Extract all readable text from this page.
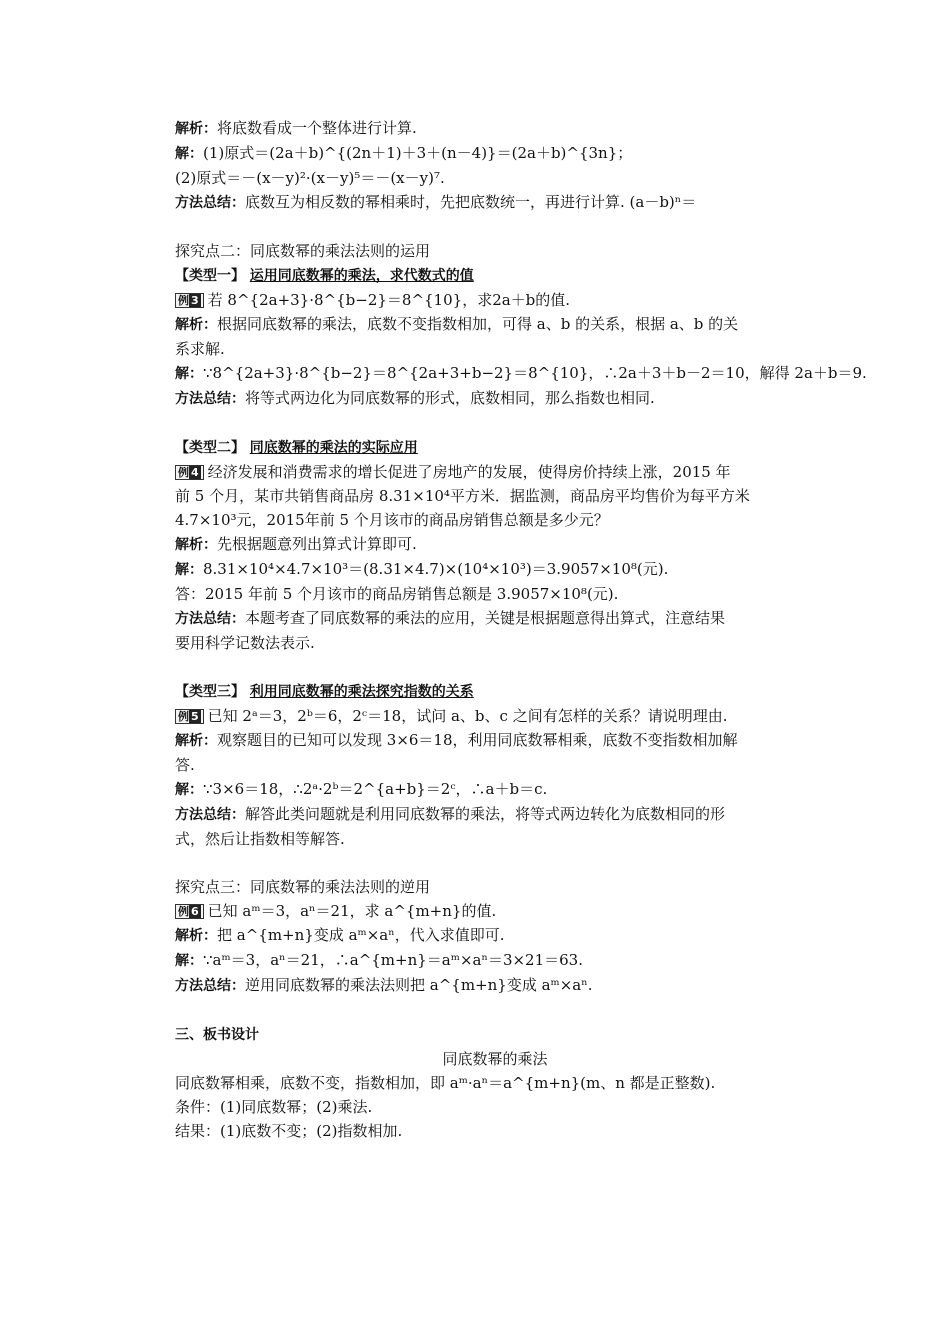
解析：将底数看成一个整体进行计算.
解：(1)原式＝(2a＋b)^{(2n＋1)＋3＋(n－4)}＝(2a＋b)^{3n}；
(2)原式＝－(x－y)²·(x－y)⁵＝－(x－y)⁷.
方法总结：底数互为相反数的幂相乘时，先把底数统一，再进行计算. (a－b)ⁿ＝
探究点二：同底数幂的乘法法则的运用
【类型一】 运用同底数幂的乘法，求代数式的值
例 3 若 8^{2a+3}·8^{b−2}＝8^{10}，求2a＋b的值.
解析：根据同底数幂的乘法，底数不变指数相加，可得 a、b 的关系，根据 a、b 的关
系求解.
解：∵8^{2a+3}·8^{b−2}＝8^{2a+3+b−2}＝8^{10}，∴2a＋3＋b－2＝10，解得 2a＋b＝9.
方法总结：将等式两边化为同底数幂的形式，底数相同，那么指数也相同.
【类型二】 同底数幂的乘法的实际应用
例 4 经济发展和消费需求的增长促进了房地产的发展，使得房价持续上涨，2015 年
前 5 个月，某市共销售商品房 8.31×10⁴平方米．据监测，商品房平均售价为每平方米
4.7×10³元，2015年前 5 个月该市的商品房销售总额是多少元？
解析：先根据题意列出算式计算即可.
解：8.31×10⁴×4.7×10³＝(8.31×4.7)×(10⁴×10³)＝3.9057×10⁸(元).
答：2015 年前 5 个月该市的商品房销售总额是 3.9057×10⁸(元).
方法总结：本题考查了同底数幂的乘法的应用，关键是根据题意得出算式，注意结果
要用科学记数法表示.
【类型三】 利用同底数幂的乘法探究指数的关系
例 5 已知 2ᵃ＝3，2ᵇ＝6，2ᶜ＝18，试问 a、b、c 之间有怎样的关系？请说明理由.
解析：观察题目的已知可以发现 3×6＝18，利用同底数幂相乘，底数不变指数相加解
答.
解：∵3×6＝18，∴2ᵃ·2ᵇ＝2^{a+b}＝2ᶜ，∴a＋b＝c.
方法总结：解答此类问题就是利用同底数幂的乘法，将等式两边转化为底数相同的形
式，然后让指数相等解答.
探究点三：同底数幂的乘法法则的逆用
例 6 已知 aᵐ＝3，aⁿ＝21，求 a^{m+n}的值.
解析：把 a^{m+n}变成 aᵐ×aⁿ，代入求值即可.
解：∵aᵐ＝3，aⁿ＝21，∴a^{m+n}＝aᵐ×aⁿ＝3×21＝63.
方法总结：逆用同底数幂的乘法法则把 a^{m+n}变成 aᵐ×aⁿ.
三、板书设计
同底数幂的乘法
同底数幂相乘，底数不变，指数相加，即 aᵐ·aⁿ＝a^{m+n}(m、n 都是正整数).
条件：(1)同底数幂；(2)乘法.
结果：(1)底数不变；(2)指数相加.
